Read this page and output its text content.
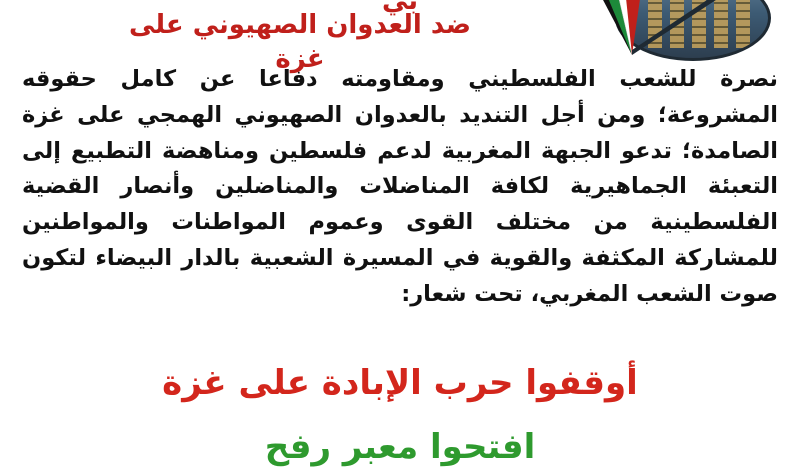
بي
ضد العدوان الصهيوني على غزة
نصرة للشعب الفلسطيني ومقاومته دفاعا عن كامل حقوقه المشروعة؛ ومن أجل التنديد بالعدوان الصهيوني الهمجي على غزة الصامدة؛ تدعو الجبهة المغربية لدعم فلسطين ومناهضة التطبيع إلى التعبئة الجماهيرية لكافة المناضلات والمناضلين وأنصار القضية الفلسطينية من مختلف القوى وعموم المواطنات والمواطنين للمشاركة المكثفة والقوية في المسيرة الشعبية بالدار البيضاء لتكون صوت الشعب المغربي، تحت شعار:
أوقفوا حرب الإبادة على غزة
افتحوا معبر رفح
